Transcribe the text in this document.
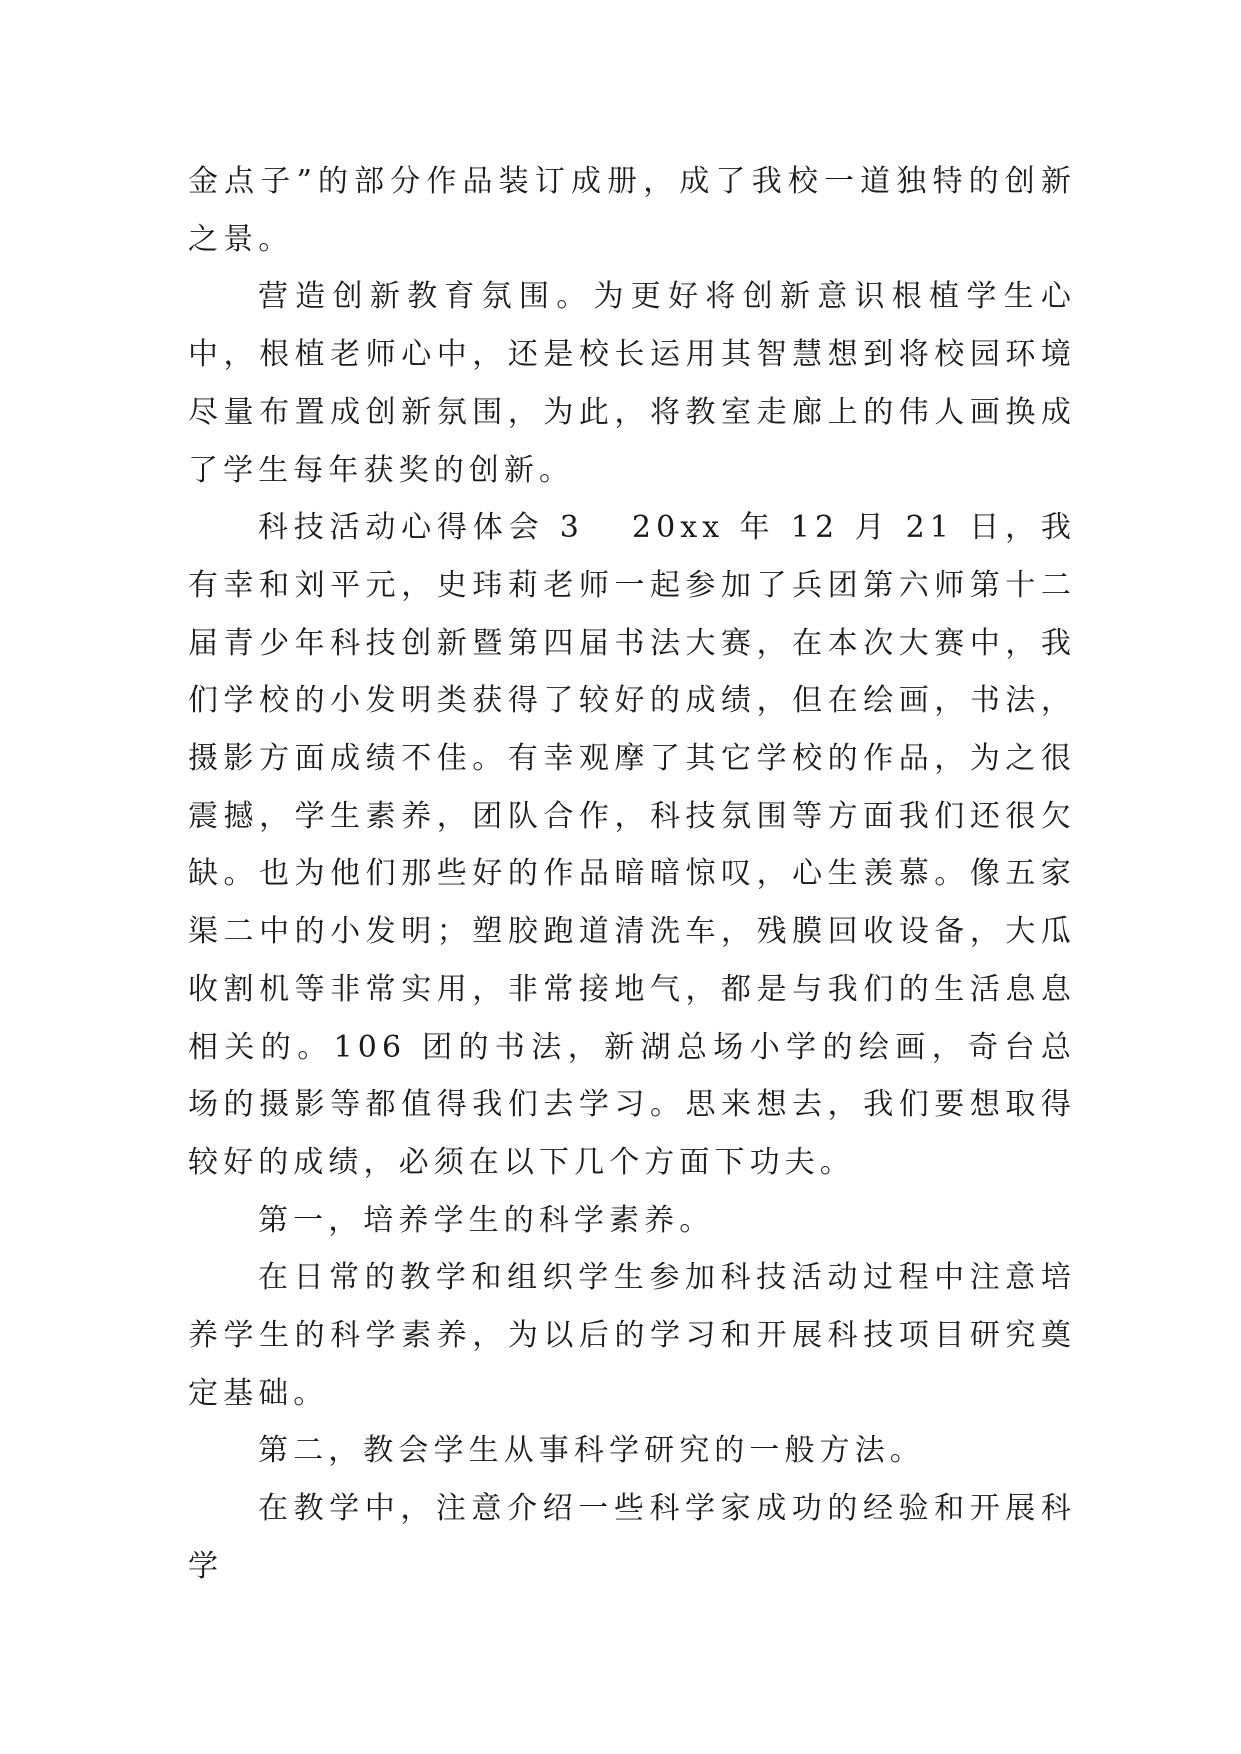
金点子”的部分作品装订成册，成了我校一道独特的创新之景。

营造创新教育氛围。为更好将创新意识根植学生心中，根植老师心中，还是校长运用其智慧想到将校园环境尽量布置成创新氛围，为此，将教室走廊上的伟人画换成了学生每年获奖的创新。

科技活动心得体会 3 20xx 年 12 月 21 日，我有幸和刘平元，史玮莉老师一起参加了兵团第六师第十二届青少年科技创新暨第四届书法大赛，在本次大赛中，我们学校的小发明类获得了较好的成绩，但在绘画，书法，摄影方面成绩不佳。有幸观摩了其它学校的作品，为之很震撼，学生素养，团队合作，科技氛围等方面我们还很欠缺。也为他们那些好的作品暗暗惊叹，心生羡慕。像五家渠二中的小发明；塑胶跑道清洗车，残膜回收设备，大瓜收割机等非常实用，非常接地气，都是与我们的生活息息相关的。106 团的书法，新湖总场小学的绘画，奇台总场的摄影等都值得我们去学习。思来想去，我们要想取得较好的成绩，必须在以下几个方面下功夫。

第一，培养学生的科学素养。

在日常的教学和组织学生参加科技活动过程中注意培养学生的科学素养，为以后的学习和开展科技项目研究奠定基础。

第二，教会学生从事科学研究的一般方法。

在教学中，注意介绍一些科学家成功的经验和开展科学
